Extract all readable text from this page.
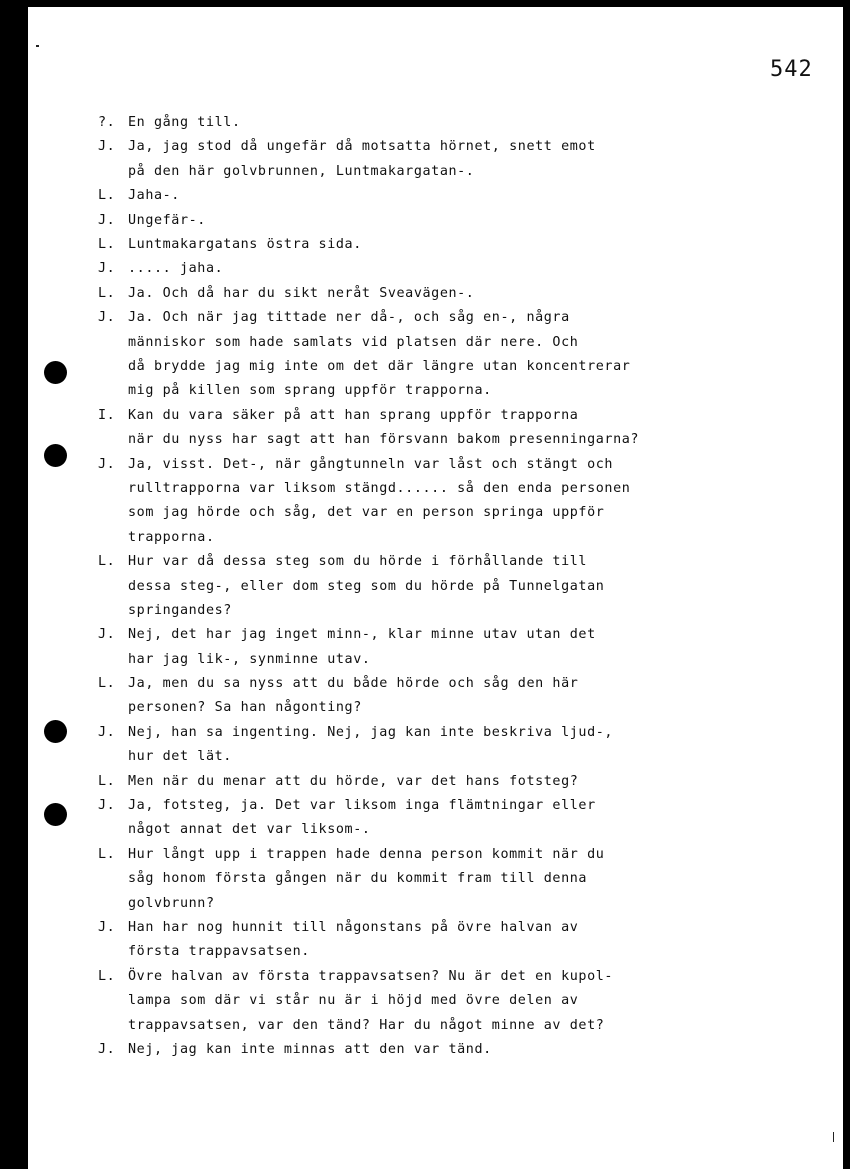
542
?. En gång till.
J. Ja, jag stod då ungefär då motsatta hörnet, snett emot
på den här golvbrunnen, Luntmakargatan-.
L. Jaha-.
J. Ungefär-.
L. Luntmakargatans östra sida.
J. ..... jaha.
L. Ja. Och då har du sikt neråt Sveavägen-.
J. Ja. Och när jag tittade ner då-, och såg en-, några
människor som hade samlats vid platsen där nere. Och
då brydde jag mig inte om det där längre utan koncentrerar
mig på killen som sprang uppför trapporna.
I. Kan du vara säker på att han sprang uppför trapporna
när du nyss har sagt att han försvann bakom presenningarna?
J. Ja, visst. Det-, när gångtunneln var låst och stängt och
rulltrapporna var liksom stängd...... så den enda personen
som jag hörde och såg, det var en person springa uppför
trapporna.
L. Hur var då dessa steg som du hörde i förhållande till
dessa steg-, eller dom steg som du hörde på Tunnelgatan
springandes?
J. Nej, det har jag inget minn-, klar minne utav utan det
har jag lik-, synminne utav.
L. Ja, men du sa nyss att du både hörde och såg den här
personen? Sa han någonting?
J. Nej, han sa ingenting. Nej, jag kan inte beskriva ljud-,
hur det lät.
L. Men när du menar att du hörde, var det hans fotsteg?
J. Ja, fotsteg, ja. Det var liksom inga flämtningar eller
något annat det var liksom-.
L. Hur långt upp i trappen hade denna person kommit när du
såg honom första gången när du kommit fram till denna
golvbrunn?
J. Han har nog hunnit till någonstans på övre halvan av
första trappavsatsen.
L. Övre halvan av första trappavsatsen? Nu är det en kupol-
lampa som där vi står nu är i höjd med övre delen av
trappavsatsen, var den tänd? Har du något minne av det?
J. Nej, jag kan inte minnas att den var tänd.
